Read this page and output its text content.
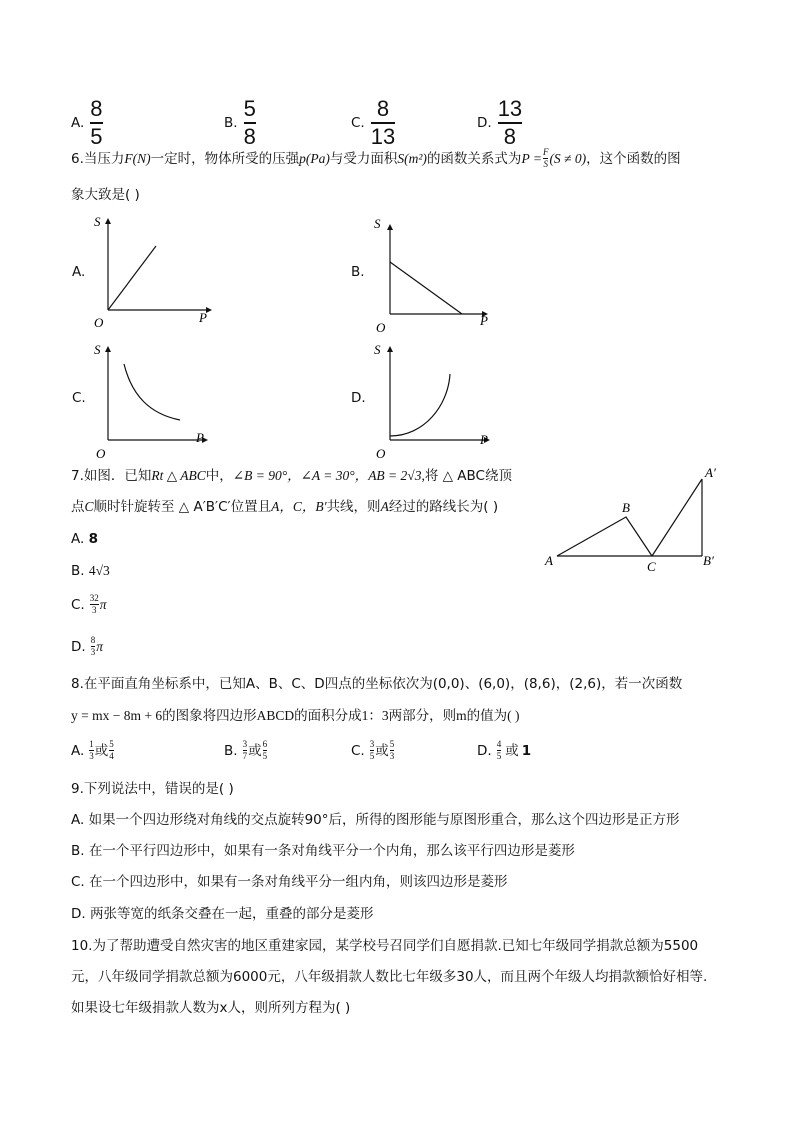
A.
8
5
B.
5
8
C.
8
13
D.
13
8
6.当压力 F (N) 一定时，物体所受的压强 p (Pa) 与受力面积 S (m²) 的函数关系式为 P = F
S (S ≠ 0) ，这个函数的图
象大致是( )
A.
S
P
O
B.
S
P
O
C.
S
P
O
D.
S
P
O
7.如图．已知Rt △ ABC中，∠B = 90°，∠A = 30°，AB = 2√3,将 △ ABC绕顶
点C顺时针旋转至 △ A′B′C′位置且A，C，B′共线，则A经过的路线长为( )
A. 8
B. 4√3
C. 32
3 π
D. 8
3 π
A
B
C
A′
B′
8.在平面直角坐标系中，已知A、B、C、D四点的坐标依次为(0,0)、(6,0)，(8,6)，(2,6)，若一次函数
y = mx − 8m + 6的图象将四边形ABCD的面积分成1：3两部分，则m的值为( )
A. 1
3 或 5
4	B. 3
7 或 6
5	C. 3
5 或 5
3	D. 4
5 或 1
9.下列说法中，错误的是( )
A. 如果一个四边形绕对角线的交点旋转90°后，所得的图形能与原图形重合，那么这个四边形是正方形
B. 在一个平行四边形中，如果有一条对角线平分一个内角，那么该平行四边形是菱形
C. 在一个四边形中，如果有一条对角线平分一组内角，则该四边形是菱形
D. 两张等宽的纸条交叠在一起，重叠的部分是菱形
10.为了帮助遭受自然灾害的地区重建家园，某学校号召同学们自愿捐款.已知七年级同学捐款总额为5500
元，八年级同学捐款总额为6000元，八年级捐款人数比七年级多30人，而且两个年级人均捐款额恰好相等.
如果设七年级捐款人数为x人，则所列方程为( )
